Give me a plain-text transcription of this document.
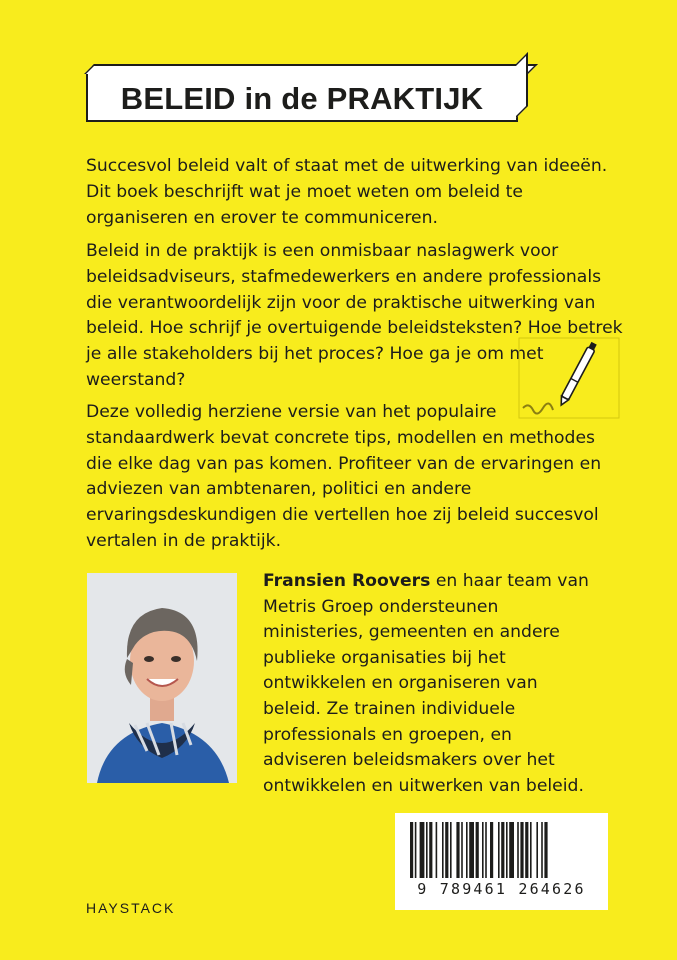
BELEID in de PRAKTIJK

Succesvol beleid valt of staat met de uitwerking van ideeën. Dit boek beschrijft wat je moet weten om beleid te organiseren en erover te communiceren.

Beleid in de praktijk is een onmisbaar naslagwerk voor beleidsadviseurs, stafmedewerkers en andere professionals die verantwoordelijk zijn voor de praktische uitwerking van beleid. Hoe schrijf je overtuigende beleidsteksten? Hoe betrek je alle stakeholders bij het proces? Hoe ga je om met weerstand?

Deze volledig herziene versie van het populaire standaardwerk bevat concrete tips, modellen en methodes die elke dag van pas komen. Profiteer van de ervaringen en adviezen van ambtenaren, politici en andere ervaringsdeskundigen die vertellen hoe zij beleid succesvol vertalen in de praktijk.

Fransien Roovers en haar team van Metris Groep ondersteunen ministeries, gemeenten en andere publieke organisaties bij het ontwikkelen en organiseren van beleid. Ze trainen individuele professionals en groepen, en adviseren beleidsmakers over het ontwikkelen en uitwerken van beleid.

9 789461 264626
HAYSTACK
